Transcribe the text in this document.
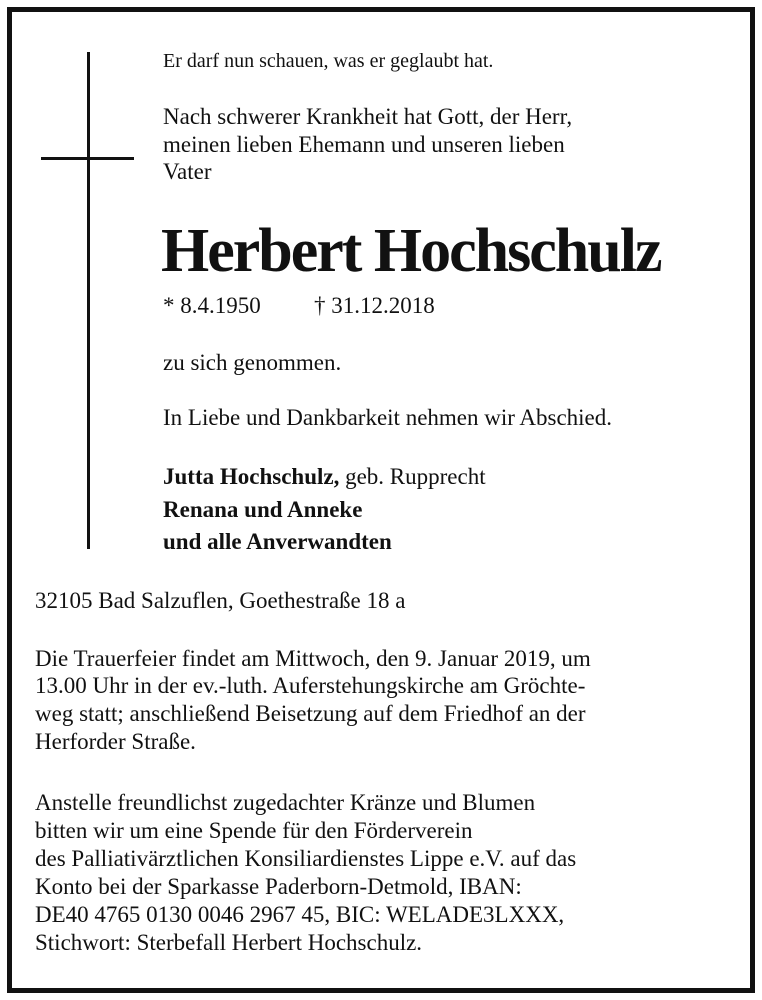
Er darf nun schauen, was er geglaubt hat.
Nach schwerer Krankheit hat Gott, der Herr,
meinen lieben Ehemann und unseren lieben
Vater
Herbert Hochschulz
* 8.4.1950 † 31.12.2018
zu sich genommen.
In Liebe und Dankbarkeit nehmen wir Abschied.
Jutta Hochschulz, geb. Rupprecht
Renana und Anneke
und alle Anverwandten
32105 Bad Salzuflen, Goethestraße 18 a
Die Trauerfeier findet am Mittwoch, den 9. Januar 2019, um
13.00 Uhr in der ev.-luth. Auferstehungskirche am Gröchte-
weg statt; anschließend Beisetzung auf dem Friedhof an der
Herforder Straße.
Anstelle freundlichst zugedachter Kränze und Blumen
bitten wir um eine Spende für den Förderverein
des Palliativärztlichen Konsiliardienstes Lippe e.V. auf das
Konto bei der Sparkasse Paderborn-Detmold, IBAN:
DE40 4765 0130 0046 2967 45, BIC: WELADE3LXXX,
Stichwort: Sterbefall Herbert Hochschulz.
